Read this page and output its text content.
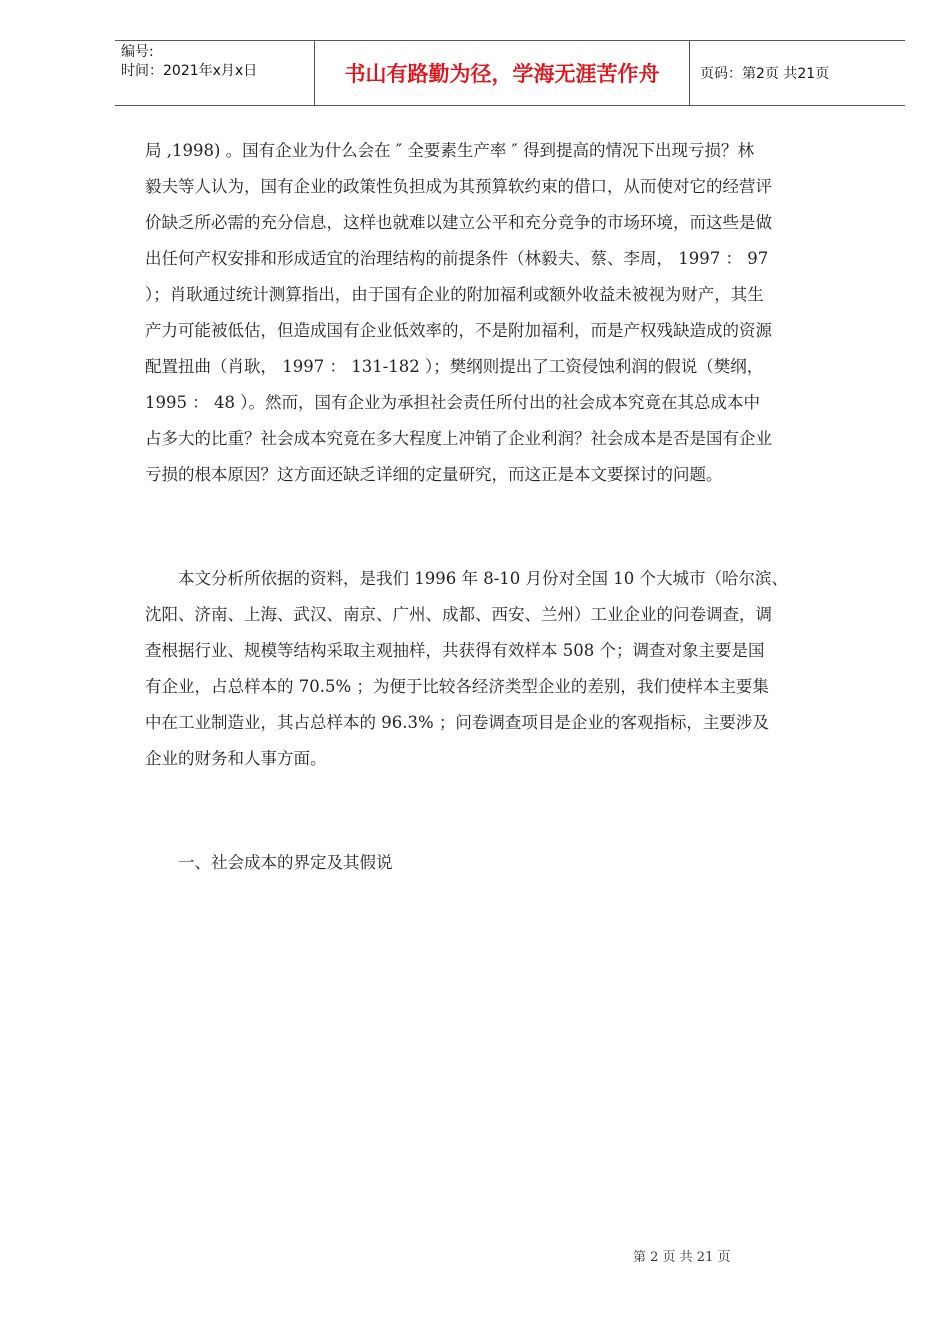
编号:
时间：2021年x月x日	书山有路勤为径，学海无涯苦作舟	页码：第2页 共21页
局 ,1998) 。国有企业为什么会在 ″ 全要素生产率 ″ 得到提高的情况下出现亏损？林
毅夫等人认为，国有企业的政策性负担成为其预算软约束的借口，从而使对它的经营评
价缺乏所必需的充分信息，这样也就难以建立公平和充分竞争的市场环境，而这些是做
出任何产权安排和形成适宜的治理结构的前提条件（林毅夫、蔡、李周， 1997 ： 97
）；肖耿通过统计测算指出，由于国有企业的附加福利或额外收益未被视为财产，其生
产力可能被低估，但造成国有企业低效率的，不是附加福利，而是产权残缺造成的资源
配置扭曲（肖耿， 1997 ： 131-182 ）；樊纲则提出了工资侵蚀利润的假说（樊纲，
1995 ： 48 ）。然而，国有企业为承担社会责任所付出的社会成本究竟在其总成本中
占多大的比重？社会成本究竟在多大程度上冲销了企业利润？社会成本是否是国有企业
亏损的根本原因？这方面还缺乏详细的定量研究，而这正是本文要探讨的问题。
本文分析所依据的资料，是我们 1996 年 8-10 月份对全国 10 个大城市（哈尔滨、
沈阳、济南、上海、武汉、南京、广州、成都、西安、兰州）工业企业的问卷调查，调
查根据行业、规模等结构采取主观抽样，共获得有效样本 508 个；调查对象主要是国
有企业，占总样本的 70.5% ；为便于比较各经济类型企业的差别，我们使样本主要集
中在工业制造业，其占总样本的 96.3% ；问卷调查项目是企业的客观指标，主要涉及
企业的财务和人事方面。
一、社会成本的界定及其假说
第 2 页 共 21 页
